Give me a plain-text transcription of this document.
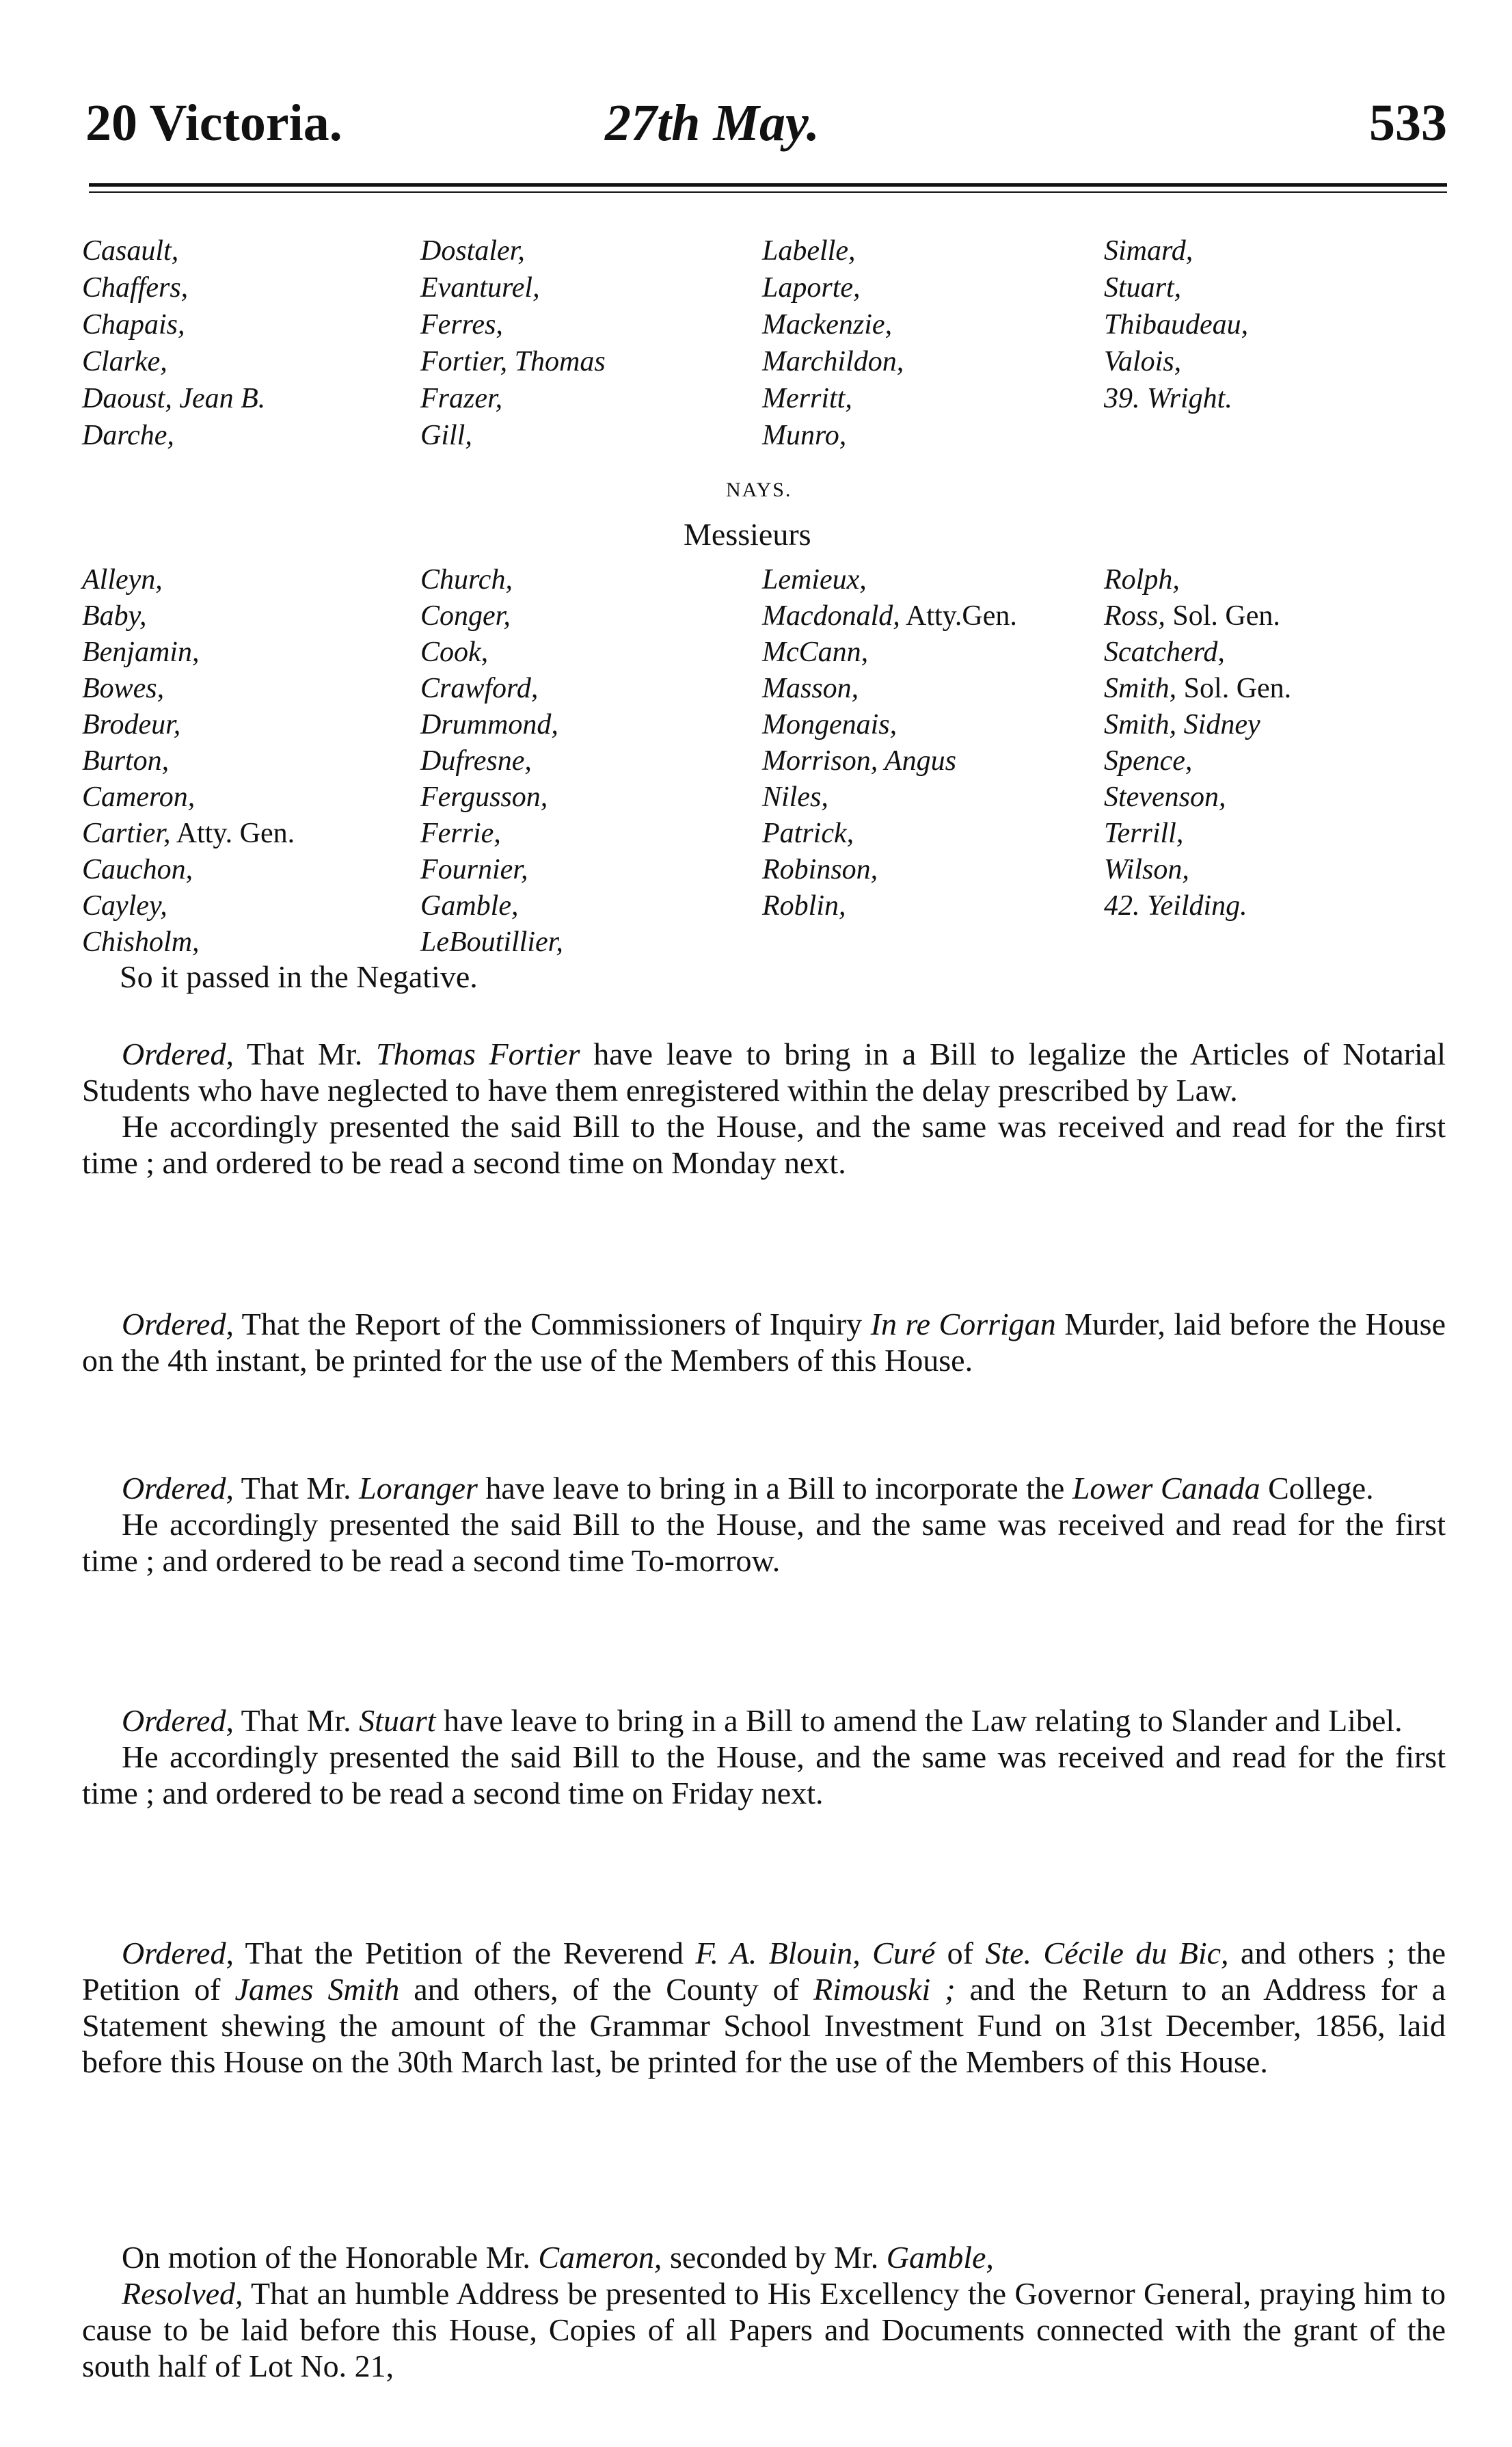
20 Victoria.	27th May.	533
Casault,
Chaffers,
Chapais,
Clarke,
Daoust, Jean B.
Darche,
Dostaler,
Evanturel,
Ferres,
Fortier, Thomas
Frazer,
Gill,
Labelle,
Laporte,
Mackenzie,
Marchildon,
Merritt,
Munro,
Simard,
Stuart,
Thibaudeau,
Valois,
39. Wright.
NAYS.
Messieurs
Alleyn,
Baby,
Benjamin,
Bowes,
Brodeur,
Burton,
Cameron,
Cartier, Atty. Gen.
Cauchon,
Cayley,
Chisholm,
Church,
Conger,
Cook,
Crawford,
Drummond,
Dufresne,
Fergusson,
Ferrie,
Fournier,
Gamble,
LeBoutillier,
Lemieux,
Macdonald, Atty.Gen.
McCann,
Masson,
Mongenais,
Morrison, Angus
Niles,
Patrick,
Robinson,
Roblin,
Rolph,
Ross, Sol. Gen.
Scatcherd,
Smith, Sol. Gen.
Smith, Sidney
Spence,
Stevenson,
Terrill,
Wilson,
42. Yeilding.
So it passed in the Negative.

Ordered, That Mr. Thomas Fortier have leave to bring in a Bill to legalize the Articles of Notarial Students who have neglected to have them enregistered within the delay prescribed by Law.

He accordingly presented the said Bill to the House, and the same was received and read for the first time ; and ordered to be read a second time on Monday next.

Ordered, That the Report of the Commissioners of Inquiry In re Corrigan Murder, laid before the House on the 4th instant, be printed for the use of the Members of this House.

Ordered, That Mr. Loranger have leave to bring in a Bill to incorporate the Lower Canada College.

He accordingly presented the said Bill to the House, and the same was received and read for the first time ; and ordered to be read a second time To-morrow.

Ordered, That Mr. Stuart have leave to bring in a Bill to amend the Law relating to Slander and Libel.

He accordingly presented the said Bill to the House, and the same was received and read for the first time ; and ordered to be read a second time on Friday next.

Ordered, That the Petition of the Reverend F. A. Blouin, Curé of Ste. Cécile du Bic, and others ; the Petition of James Smith and others, of the County of Rimouski ; and the Return to an Address for a Statement shewing the amount of the Grammar School Investment Fund on 31st December, 1856, laid before this House on the 30th March last, be printed for the use of the Members of this House.

On motion of the Honorable Mr. Cameron, seconded by Mr. Gamble,

Resolved, That an humble Address be presented to His Excellency the Governor General, praying him to cause to be laid before this House, Copies of all Papers and Documents connected with the grant of the south half of Lot No. 21,
